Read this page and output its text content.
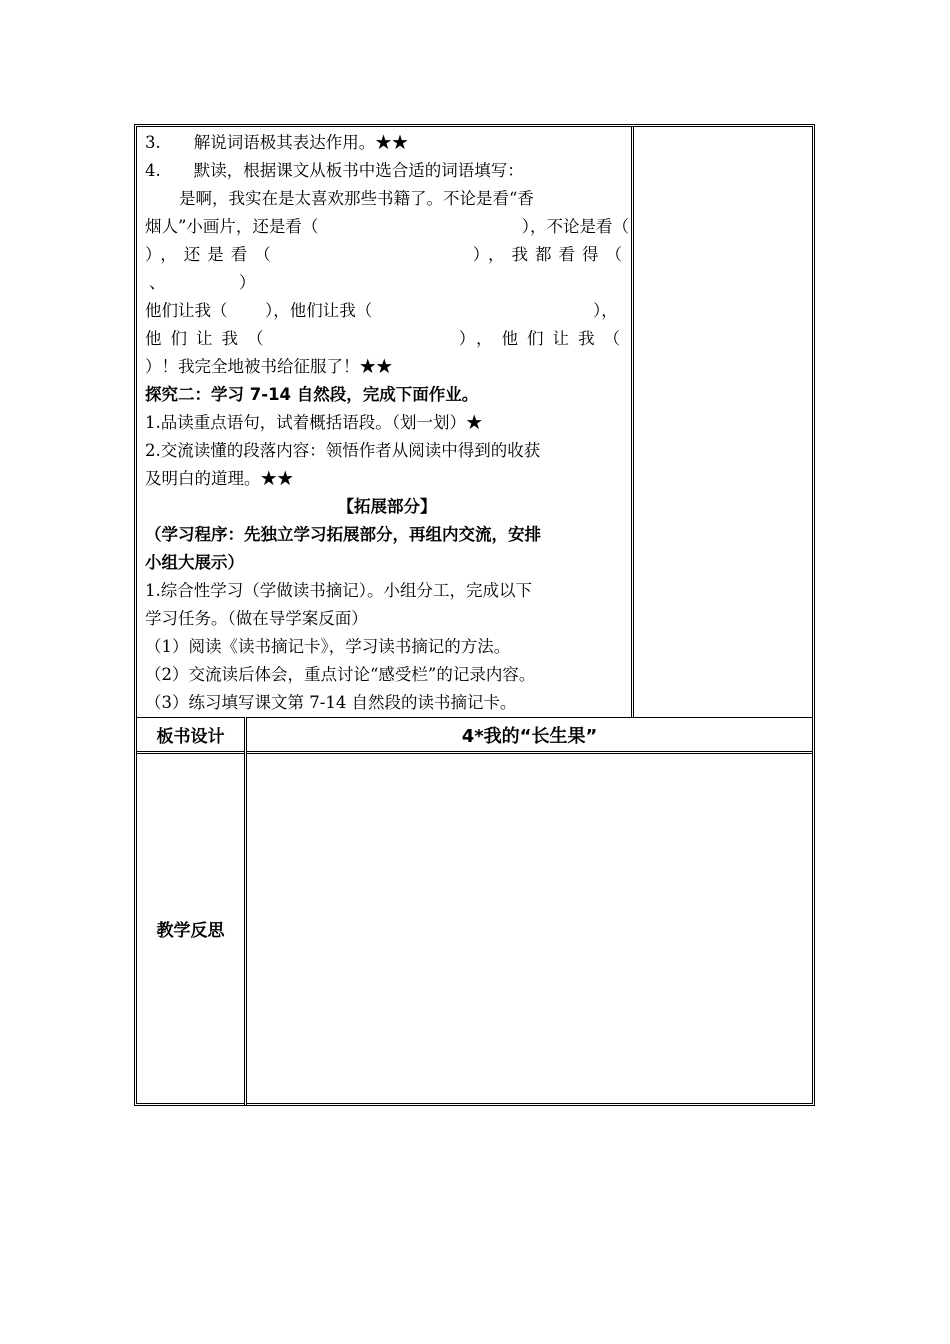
3.　　解说词语极其表达作用。★★
4.　　默读，根据课文从板书中选合适的词语填写：
是啊，我实在是太喜欢那些书籍了。不论是看“香
烟人”小画片，还是看（	），不论是看（
），还是看（	），我都看得（
、	）
他们让我（ ），他们让我（	），
他们让我（	），他们让我（
）！我完全地被书给征服了！★★
探究二：学习 7-14 自然段，完成下面作业。
1.品读重点语句，试着概括语段。（划一划）★
2.交流读懂的段落内容：领悟作者从阅读中得到的收获
及明白的道理。★★
【拓展部分】
（学习程序：先独立学习拓展部分，再组内交流，安排
小组大展示）
1.综合性学习（学做读书摘记）。小组分工，完成以下
学习任务。（做在导学案反面）
（1）阅读《读书摘记卡》，学习读书摘记的方法。
（2）交流读后体会，重点讨论“感受栏”的记录内容。
（3）练习填写课文第 7-14 自然段的读书摘记卡。
板书设计	4*我的“长生果”
教学反思
